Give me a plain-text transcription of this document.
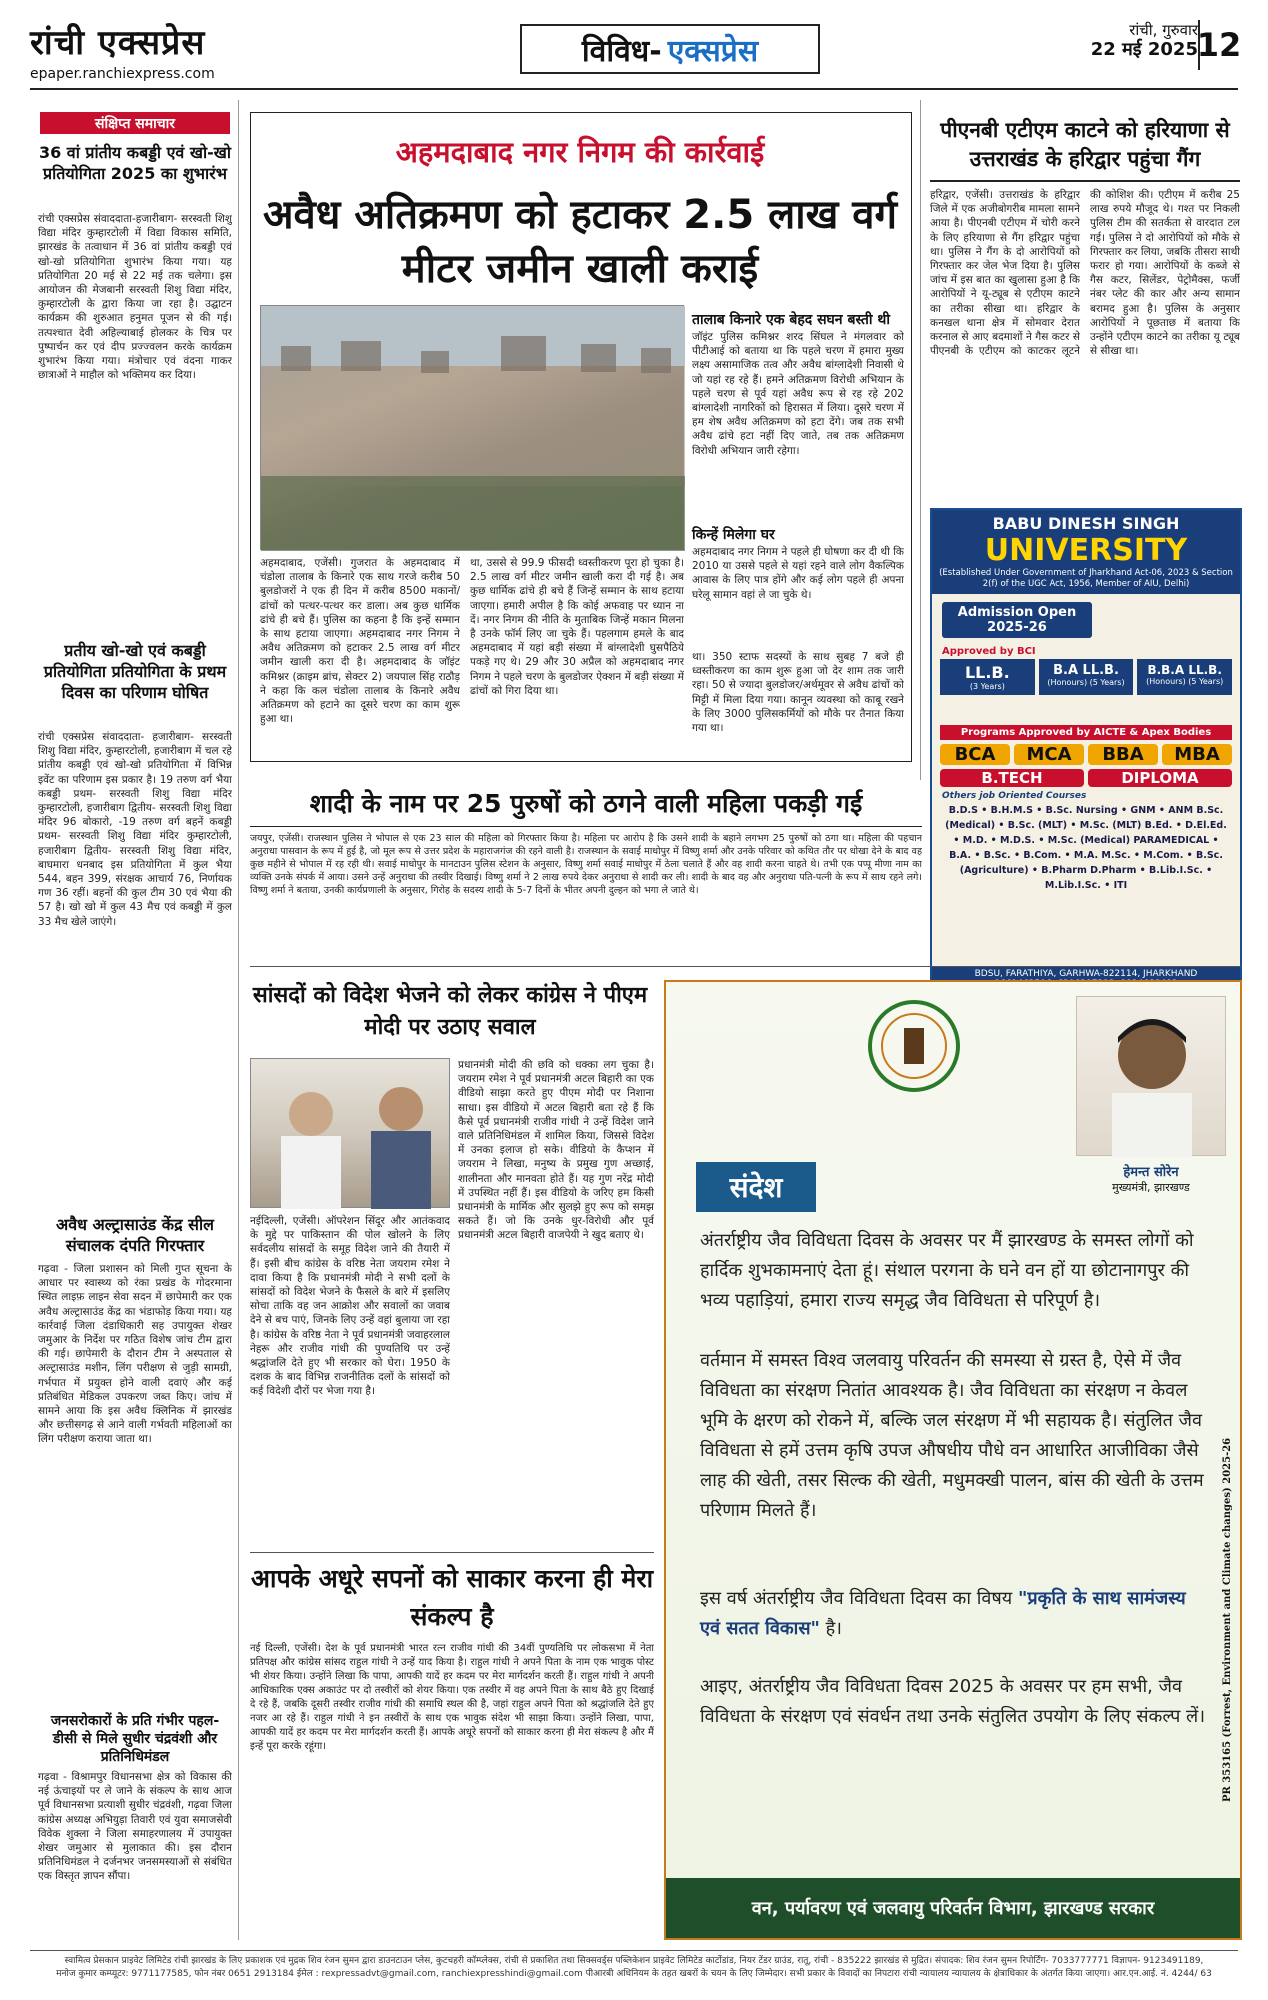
रांची एक्सप्रेस
epaper.ranchiexpress.com
विविध- एक्सप्रेस
रांची, गुरुवार
22 मई 2025
12
संक्षिप्त समाचार
36 वां प्रांतीय कबड्डी एवं खो-खो प्रतियोगिता 2025 का शुभारंभ
रांची एक्सप्रेस संवाददाता-हजारीबाग- सरस्वती शिशु विद्या मंदिर कुम्हारटोली में विद्या विकास समिति, झारखंड के तत्वाधान में 36 वां प्रांतीय कबड्डी एवं खो-खो प्रतियोगिता शुभारंभ किया गया। यह प्रतियोगिता 20 मई से 22 मई तक चलेगा। इस आयोजन की मेजबानी सरस्वती शिशु विद्या मंदिर, कुम्हारटोली के द्वारा किया जा रहा है। उद्घाटन कार्यक्रम की शुरुआत हनुमत पूजन से की गई। तत्पश्चात देवी अहिल्याबाई होलकर के चित्र पर पुष्पार्चन कर एवं दीप प्रज्ज्वलन करके कार्यक्रम शुभारंभ किया गया। मंत्रोचार एवं वंदना गाकर छात्राओं ने माहौल को भक्तिमय कर दिया।
प्रतीय खो-खो एवं कबड्डी प्रतियोगिता प्रतियोगिता के प्रथम दिवस का परिणाम घोषित
रांची एक्सप्रेस संवाददाता- हजारीबाग- सरस्वती शिशु विद्या मंदिर, कुम्हारटोली, हजारीबाग में चल रहे प्रांतीय कबड्डी एवं खो-खो प्रतियोगिता में विभिन्न इवेंट का परिणाम इस प्रकार है। 19 तरुण वर्ग भैया कबड्डी प्रथम- सरस्वती शिशु विद्या मंदिर कुम्हारटोली, हजारीबाग द्वितीय- सरस्वती शिशु विद्या मंदिर 96 बोकारो, -19 तरुण वर्ग बहनें कबड्डी प्रथम- सरस्वती शिशु विद्या मंदिर कुम्हारटोली, हजारीबाग द्वितीय- सरस्वती शिशु विद्या मंदिर, बाघमारा धनबाद इस प्रतियोगिता में कुल भैया 544, बहन 399, संरक्षक आचार्य 76, निर्णायक गण 36 रहीं। बहनों की कुल टीम 30 एवं भैया की 57 है। खो खो में कुल 43 मैच एवं कबड्डी में कुल 33 मैच खेले जाएंगे।
अवैध अल्ट्रासाउंड केंद्र सील संचालक दंपति गिरफ्तार
गढ़वा - जिला प्रशासन को मिली गुप्त सूचना के आधार पर स्वास्थ्य को रंका प्रखंड के गोदरमाना स्थित लाइफ़ लाइन सेवा सदन में छापेमारी कर एक अवैध अल्ट्रासाउंड केंद्र का भंडाफोड़ किया गया। यह कार्रवाई जिला दंडाधिकारी सह उपायुक्त शेखर जमुआर के निर्देश पर गठित विशेष जांच टीम द्वारा की गई। छापेमारी के दौरान टीम ने अस्पताल से अल्ट्रासाउंड मशीन, लिंग परीक्षण से जुड़ी सामग्री, गर्भपात में प्रयुक्त होने वाली दवाएं और कई प्रतिबंधित मेडिकल उपकरण जब्त किए। जांच में सामने आया कि इस अवैध क्लिनिक में झारखंड और छत्तीसगढ़ से आने वाली गर्भवती महिलाओं का लिंग परीक्षण कराया जाता था।
जनसरोकारों के प्रति गंभीर पहल- डीसी से मिले सुधीर चंद्रवंशी और प्रतिनिधिमंडल
गढ़वा - विश्रामपुर विधानसभा क्षेत्र को विकास की नई ऊंचाइयों पर ले जाने के संकल्प के साथ आज पूर्व विधानसभा प्रत्याशी सुधीर चंद्रवंशी, गढ़वा जिला कांग्रेस अध्यक्ष अभियुड़ा तिवारी एवं युवा समाजसेवी विवेक शुक्ला ने जिला समाहरणालय में उपायुक्त शेखर जमुआर से मुलाकात की। इस दौरान प्रतिनिधिमंडल ने दर्जनभर जनसमस्याओं से संबंधित एक विस्तृत ज्ञापन सौंपा।
अहमदाबाद नगर निगम की कार्रवाई
अवैध अतिक्रमण को हटाकर 2.5 लाख वर्ग मीटर जमीन खाली कराई
तालाब किनारे एक बेहद सघन बस्ती थी
जॉइंट पुलिस कमिश्नर शरद सिंघल ने मंगलवार को पीटीआई को बताया था कि पहले चरण में हमारा मुख्य लक्ष्य असामाजिक तत्व और अवैध बांग्लादेशी निवासी थे जो यहां रह रहे हैं। हमने अतिक्रमण विरोधी अभियान के पहले चरण से पूर्व यहां अवैध रूप से रह रहे 202 बांग्लादेशी नागरिकों को हिरासत में लिया। दूसरे चरण में हम शेष अवैध अतिक्रमण को हटा देंगे। जब तक सभी अवैध ढांचे हटा नहीं दिए जाते, तब तक अतिक्रमण विरोधी अभियान जारी रहेगा।
किन्हें मिलेगा घर
अहमदाबाद नगर निगम ने पहले ही घोषणा कर दी थी कि 2010 या उससे पहले से यहां रहने वाले लोग वैकल्पिक आवास के लिए पात्र होंगे और कई लोग पहले ही अपना घरेलू सामान वहां ले जा चुके थे।
अहमदाबाद, एजेंसी। गुजरात के अहमदाबाद में चंडोला तालाब के किनारे एक साथ गरजे करीब 50 बुलडोजरों ने एक ही दिन में करीब 8500 मकानों/ढांचों को पत्थर-पत्थर कर डाला। अब कुछ धार्मिक ढांचे ही बचे हैं। पुलिस का कहना है कि इन्हें सम्मान के साथ हटाया जाएगा। अहमदाबाद नगर निगम ने अवैध अतिक्रमण को हटाकर 2.5 लाख वर्ग मीटर जमीन खाली करा दी है। अहमदाबाद के जॉइंट कमिश्नर (क्राइम ब्रांच, सेक्टर 2) जयपाल सिंह राठौड़ ने कहा कि कल चंडोला तालाब के किनारे अवैध अतिक्रमण को हटाने का दूसरे चरण का काम शुरू हुआ था।
था, उससे से 99.9 फीसदी ध्वस्तीकरण पूरा हो चुका है। 2.5 लाख वर्ग मीटर जमीन खाली करा दी गई है। अब कुछ धार्मिक ढांचे ही बचे हैं जिन्हें सम्मान के साथ हटाया जाएगा। हमारी अपील है कि कोई अफवाह पर ध्यान ना दें। नगर निगम की नीति के मुताबिक जिन्हें मकान मिलना है उनके फॉर्म लिए जा चुके हैं। पहलगाम हमले के बाद अहमदाबाद में यहां बड़ी संख्या में बांग्लादेशी घुसपैठिये पकड़े गए थे। 29 और 30 अप्रैल को अहमदाबाद नगर निगम ने पहले चरण के बुलडोजर ऐक्शन में बड़ी संख्या में ढांचों को गिरा दिया था।
था। 350 स्टाफ सदस्यों के साथ सुबह 7 बजे ही ध्वस्तीकरण का काम शुरू हुआ जो देर शाम तक जारी रहा। 50 से ज्यादा बुलडोजर/अर्थमूवर से अवैध ढांचों को मिट्टी में मिला दिया गया। कानून व्यवस्था को काबू रखने के लिए 3000 पुलिसकर्मियों को मौके पर तैनात किया गया था।
पीएनबी एटीएम काटने को हरियाणा से उत्तराखंड के हरिद्वार पहुंचा गैंग
हरिद्वार, एजेंसी। उत्तराखंड के हरिद्वार जिले में एक अजीबोगरीब मामला सामने आया है। पीएनबी एटीएम में चोरी करने के लिए हरियाणा से गैंग हरिद्वार पहुंचा था। पुलिस ने गैंग के दो आरोपियों को गिरफ्तार कर जेल भेज दिया है। पुलिस जांच में इस बात का खुलासा हुआ है कि आरोपियों ने यू-ट्यूब से एटीएम काटने का तरीका सीखा था। हरिद्वार के कनखल थाना क्षेत्र में सोमवार देरात करनाल से आए बदमाशों ने गैस कटर से पीएनबी के एटीएम को काटकर लूटने की कोशिश की। एटीएम में करीब 25 लाख रुपये मौजूद थे। गश्त पर निकली पुलिस टीम की सतर्कता से वारदात टल गई। पुलिस ने दो आरोपियों को मौके से गिरफ्तार कर लिया, जबकि तीसरा साथी फरार हो गया। आरोपियों के कब्जे से गैस कटर, सिलेंडर, पेट्रोमैक्स, फर्जी नंबर प्लेट की कार और अन्य सामान बरामद हुआ है। पुलिस के अनुसार आरोपियों ने पूछताछ में बताया कि उन्होंने एटीएम काटने का तरीका यू ट्यूब से सीखा था।
BABU DINESH SINGH
UNIVERSITY
(Established Under Government of Jharkhand Act-06, 2023 & Section 2(f) of the UGC Act, 1956, Member of AIU, Delhi)
Admission Open 2025-26
Approved by BCI
LL.B.
(3 Years)
B.A LL.B.
(Honours) (5 Years)
B.B.A LL.B.
(Honours) (5 Years)
Programs Approved by AICTE & Apex Bodies
BCA	MCA	BBA	MBA
B.TECH	DIPLOMA
Others job Oriented Courses
B.D.S • B.H.M.S • B.Sc. Nursing • GNM • ANM B.Sc. (Medical) • B.Sc. (MLT) • M.Sc. (MLT) B.Ed. • D.El.Ed. • M.D. • M.D.S. • M.Sc. (Medical) PARAMEDICAL • B.A. • B.Sc. • B.Com. • M.A. M.Sc. • M.Com. • B.Sc. (Agriculture) • B.Pharm D.Pharm • B.Lib.I.Sc. • M.Lib.I.Sc. • ITI
BDSU, FARATHIYA, GARHWA-822114, JHARKHAND
शादी के नाम पर 25 पुरुषों को ठगने वाली महिला पकड़ी गई
जयपुर, एजेंसी। राजस्थान पुलिस ने भोपाल से एक 23 साल की महिला को गिरफ्तार किया है। महिला पर आरोप है कि उसने शादी के बहाने लगभग 25 पुरुषों को ठगा था। महिला की पहचान अनुराधा पासवान के रूप में हुई है, जो मूल रूप से उत्तर प्रदेश के महाराजगंज की रहने वाली है। राजस्थान के सवाई माधोपुर में विष्णु शर्मा और उनके परिवार को कथित तौर पर धोखा देने के बाद वह कुछ महीने से भोपाल में रह रही थी। सवाई माधोपुर के मानटाउन पुलिस स्टेशन के अनुसार, विष्णु शर्मा सवाई माधोपुर में ठेला चलाते हैं और वह शादी करना चाहते थे। तभी एक पप्पू मीणा नाम का व्यक्ति उनके संपर्क में आया। उसने उन्हें अनुराधा की तस्वीर दिखाई। विष्णु शर्मा ने 2 लाख रुपये देकर अनुराधा से शादी कर ली। शादी के बाद वह और अनुराधा पति-पत्नी के रूप में साथ रहने लगे। विष्णु शर्मा ने बताया, उनकी कार्यप्रणाली के अनुसार, गिरोह के सदस्य शादी के 5-7 दिनों के भीतर अपनी दुल्हन को भगा ले जाते थे।
सांसदों को विदेश भेजने को लेकर कांग्रेस ने पीएम मोदी पर उठाए सवाल
नईदिल्ली, एजेंसी। ऑपरेशन सिंदूर और आतंकवाद के मुद्दे पर पाकिस्तान की पोल खोलने के लिए सर्वदलीय सांसदों के समूह विदेश जाने की तैयारी में हैं। इसी बीच कांग्रेस के वरिष्ठ नेता जयराम रमेश ने दावा किया है कि प्रधानमंत्री मोदी ने सभी दलों के सांसदों को विदेश भेजने के फैसले के बारे में इसलिए सोचा ताकि वह जन आक्रोश और सवालों का जवाब देने से बच पाएं, जिनके लिए उन्हें वहां बुलाया जा रहा है। कांग्रेस के वरिष्ठ नेता ने पूर्व प्रधानमंत्री जवाहरलाल नेहरू और राजीव गांधी की पुण्यतिथि पर उन्हें श्रद्धांजलि देते हुए भी सरकार को घेरा। 1950 के दशक के बाद विभिन्न राजनीतिक दलों के सांसदों को कई विदेशी दौरों पर भेजा गया है।
प्रधानमंत्री मोदी की छवि को धक्का लग चुका है। जयराम रमेश ने पूर्व प्रधानमंत्री अटल बिहारी का एक वीडियो साझा करते हुए पीएम मोदी पर निशाना साधा। इस वीडियो में अटल बिहारी बता रहे हैं कि कैसे पूर्व प्रधानमंत्री राजीव गांधी ने उन्हें विदेश जाने वाले प्रतिनिधिमंडल में शामिल किया, जिससे विदेश में उनका इलाज हो सके। वीडियो के कैप्शन में जयराम ने लिखा, मनुष्य के प्रमुख गुण अच्छाई, शालीनता और मानवता होते हैं। यह गुण नरेंद्र मोदी में उपस्थित नहीं हैं। इस वीडियो के जरिए हम किसी प्रधानमंत्री के मार्मिक और सुलझे हुए रूप को समझ सकते हैं। जो कि उनके धुर-विरोधी और पूर्व प्रधानमंत्री अटल बिहारी वाजपेयी ने खुद बताए थे।
आपके अधूरे सपनों को साकार करना ही मेरा संकल्प है
नई दिल्ली, एजेंसी। देश के पूर्व प्रधानमंत्री भारत रत्न राजीव गांधी की 34वीं पुण्यतिथि पर लोकसभा में नेता प्रतिपक्ष और कांग्रेस सांसद राहुल गांधी ने उन्हें याद किया है। राहुल गांधी ने अपने पिता के नाम एक भावुक पोस्ट भी शेयर किया। उन्होंने लिखा कि पापा, आपकी यादें हर कदम पर मेरा मार्गदर्शन करती हैं। राहुल गांधी ने अपनी आधिकारिक एक्स अकाउंट पर दो तस्वीरों को शेयर किया। एक तस्वीर में वह अपने पिता के साथ बैठे हुए दिखाई दे रहे हैं, जबकि दूसरी तस्वीर राजीव गांधी की समाधि स्थल की है, जहां राहुल अपने पिता को श्रद्धांजलि देते हुए नजर आ रहे हैं। राहुल गांधी ने इन तस्वीरों के साथ एक भावुक संदेश भी साझा किया। उन्होंने लिखा, पापा, आपकी यादें हर कदम पर मेरा मार्गदर्शन करती हैं। आपके अधूरे सपनों को साकार करना ही मेरा संकल्प है और मैं इन्हें पूरा करके रहूंगा।
हेमन्त सोरेन
मुख्यमंत्री, झारखण्ड
संदेश
अंतर्राष्ट्रीय जैव विविधता दिवस के अवसर पर मैं झारखण्ड के समस्त लोगों को हार्दिक शुभकामनाएं देता हूं। संथाल परगना के घने वन हों या छोटानागपुर की भव्य पहाड़ियां, हमारा राज्य समृद्ध जैव विविधता से परिपूर्ण है।
वर्तमान में समस्त विश्व जलवायु परिवर्तन की समस्या से ग्रस्त है, ऐसे में जैव विविधता का संरक्षण नितांत आवश्यक है। जैव विविधता का संरक्षण न केवल भूमि के क्षरण को रोकने में, बल्कि जल संरक्षण में भी सहायक है। संतुलित जैव विविधता से हमें उत्तम कृषि उपज औषधीय पौधे वन आधारित आजीविका जैसे लाह की खेती, तसर सिल्क की खेती, मधुमक्खी पालन, बांस की खेती के उत्तम परिणाम मिलते हैं।
इस वर्ष अंतर्राष्ट्रीय जैव विविधता दिवस का विषय "प्रकृति के साथ सामंजस्य एवं सतत विकास" है।
आइए, अंतर्राष्ट्रीय जैव विविधता दिवस 2025 के अवसर पर हम सभी, जैव विविधता के संरक्षण एवं संवर्धन तथा उनके संतुलित उपयोग के लिए संकल्प लें।	PR 353165 (Forrest, Environment and Climate changes) 2025-26
वन, पर्यावरण एवं जलवायु परिवर्तन विभाग, झारखण्ड सरकार
स्वामित्व प्रेसकान प्राइवेट लिमिटेड रांची झारखंड के लिए प्रकाशक एवं मुद्रक शिव रंजन सुमन द्वारा डाउनटाउन प्लेस, कुटचहरी कॉम्प्लेक्स, रांची से प्रकाशित तथा सिक्सवर्ड्स पब्लिकेशन प्राइवेट लिमिटेड कार्टोडांड, नियर टेंडर ग्राउंड, रातू, रांची - 835222 झारखंड से मुद्रित। संपादक: शिव रंजन सुमन रिपोर्टिंग- 7033777771 विज्ञापन- 9123491189,
मनोज कुमार कम्प्यूटर: 9771177585, फोन नंबर 0651 2913184 ईमेल : rexpressadvt@gmail.com, ranchiexpresshindi@gmail.com पीआरबी अधिनियम के तहत खबरों के चयन के लिए जिम्मेदार। सभी प्रकार के विवादों का निपटारा रांची न्यायालय न्यायालय के क्षेत्राधिकार के अंतर्गत किया जाएगा। आर.एन.आई. नं. 4244/ 63
